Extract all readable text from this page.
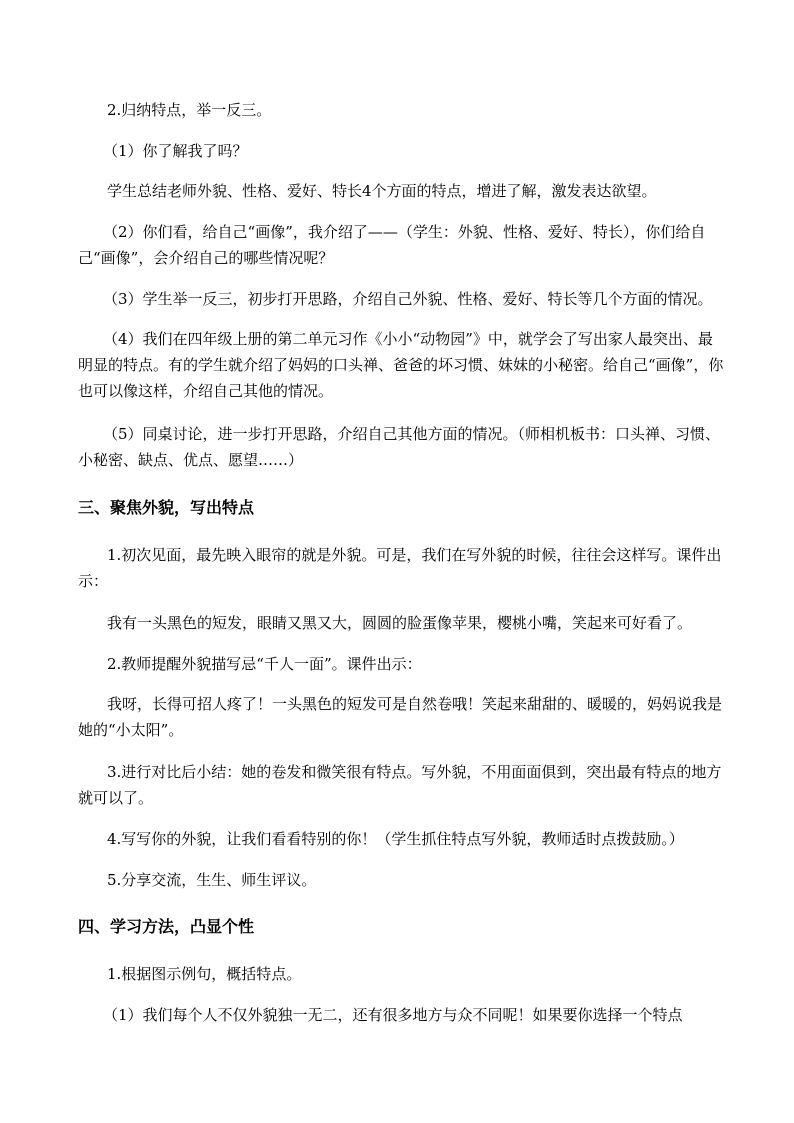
2.归纳特点，举一反三。

（1）你了解我了吗？

学生总结老师外貌、性格、爱好、特长4个方面的特点，增进了解，激发表达欲望。

（2）你们看，给自己“画像”，我介绍了——（学生：外貌、性格、爱好、特长），你们给自己“画像”，会介绍自己的哪些情况呢？

（3）学生举一反三，初步打开思路，介绍自己外貌、性格、爱好、特长等几个方面的情况。

（4）我们在四年级上册的第二单元习作《小小“动物园”》中，就学会了写出家人最突出、最明显的特点。有的学生就介绍了妈妈的口头禅、爸爸的坏习惯、妹妹的小秘密。给自己“画像”，你也可以像这样，介绍自己其他的情况。

（5）同桌讨论，进一步打开思路，介绍自己其他方面的情况。（师相机板书：口头禅、习惯、小秘密、缺点、优点、愿望……）

三、聚焦外貌，写出特点

1.初次见面，最先映入眼帘的就是外貌。可是，我们在写外貌的时候，往往会这样写。课件出示：

我有一头黑色的短发，眼睛又黑又大，圆圆的脸蛋像苹果，樱桃小嘴，笑起来可好看了。

2.教师提醒外貌描写忌“千人一面”。课件出示：

我呀，长得可招人疼了！一头黑色的短发可是自然卷哦！笑起来甜甜的、暖暖的，妈妈说我是她的“小太阳”。

3.进行对比后小结：她的卷发和微笑很有特点。写外貌，不用面面俱到，突出最有特点的地方就可以了。

4.写写你的外貌，让我们看看特别的你！（学生抓住特点写外貌，教师适时点拨鼓励。）

5.分享交流，生生、师生评议。

四、学习方法，凸显个性

1.根据图示例句，概括特点。

（1）我们每个人不仅外貌独一无二，还有很多地方与众不同呢！如果要你选择一个特点
